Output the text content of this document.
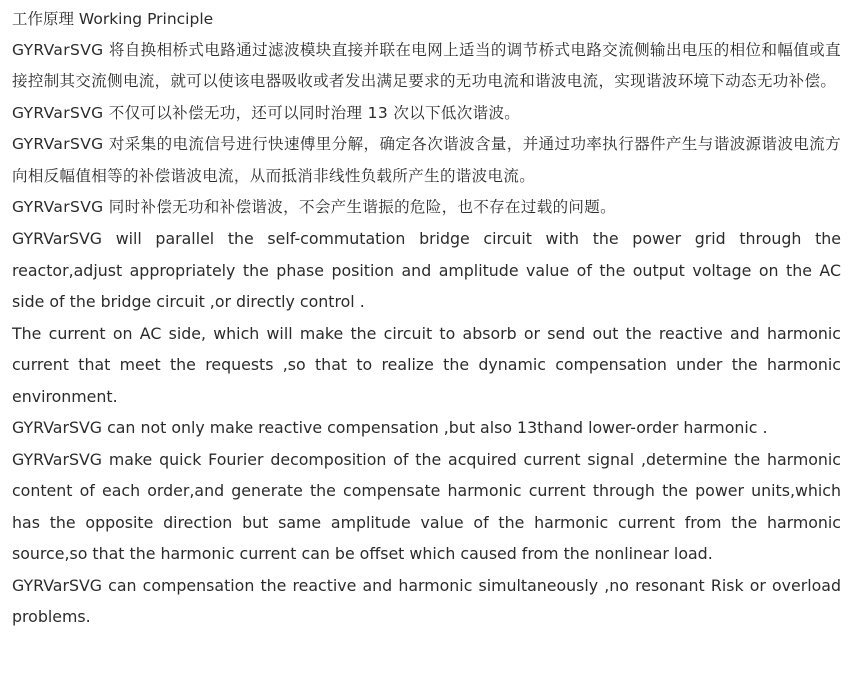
工作原理 Working Principle

GYRVarSVG 将自换相桥式电路通过滤波模块直接并联在电网上适当的调节桥式电路交流侧输出电压的相位和幅值或直接控制其交流侧电流，就可以使该电器吸收或者发出满足要求的无功电流和谐波电流，实现谐波环境下动态无功补偿。

GYRVarSVG 不仅可以补偿无功，还可以同时治理 13 次以下低次谐波。

GYRVarSVG 对采集的电流信号进行快速傅里分解，确定各次谐波含量，并通过功率执行器件产生与谐波源谐波电流方向相反幅值相等的补偿谐波电流，从而抵消非线性负载所产生的谐波电流。

GYRVarSVG 同时补偿无功和补偿谐波，不会产生谐振的危险，也不存在过载的问题。

GYRVarSVG will parallel the self-commutation bridge circuit with the power grid through the reactor,adjust appropriately the phase position and amplitude value of the output voltage on the AC side of the bridge circuit ,or directly control .

The current on AC side, which will make the circuit to absorb or send out the reactive and harmonic current that meet the requests ,so that to realize the dynamic compensation under the harmonic environment.

GYRVarSVG can not only make reactive compensation ,but also 13thand lower-order harmonic .

GYRVarSVG make quick Fourier decomposition of the acquired current signal ,determine the harmonic content of each order,and generate the compensate harmonic current through the power units,which has the opposite direction but same amplitude value of the harmonic current from the harmonic source,so that the harmonic current can be offset which caused from the nonlinear load.

GYRVarSVG can compensation the reactive and harmonic simultaneously ,no resonant Risk or overload problems.
